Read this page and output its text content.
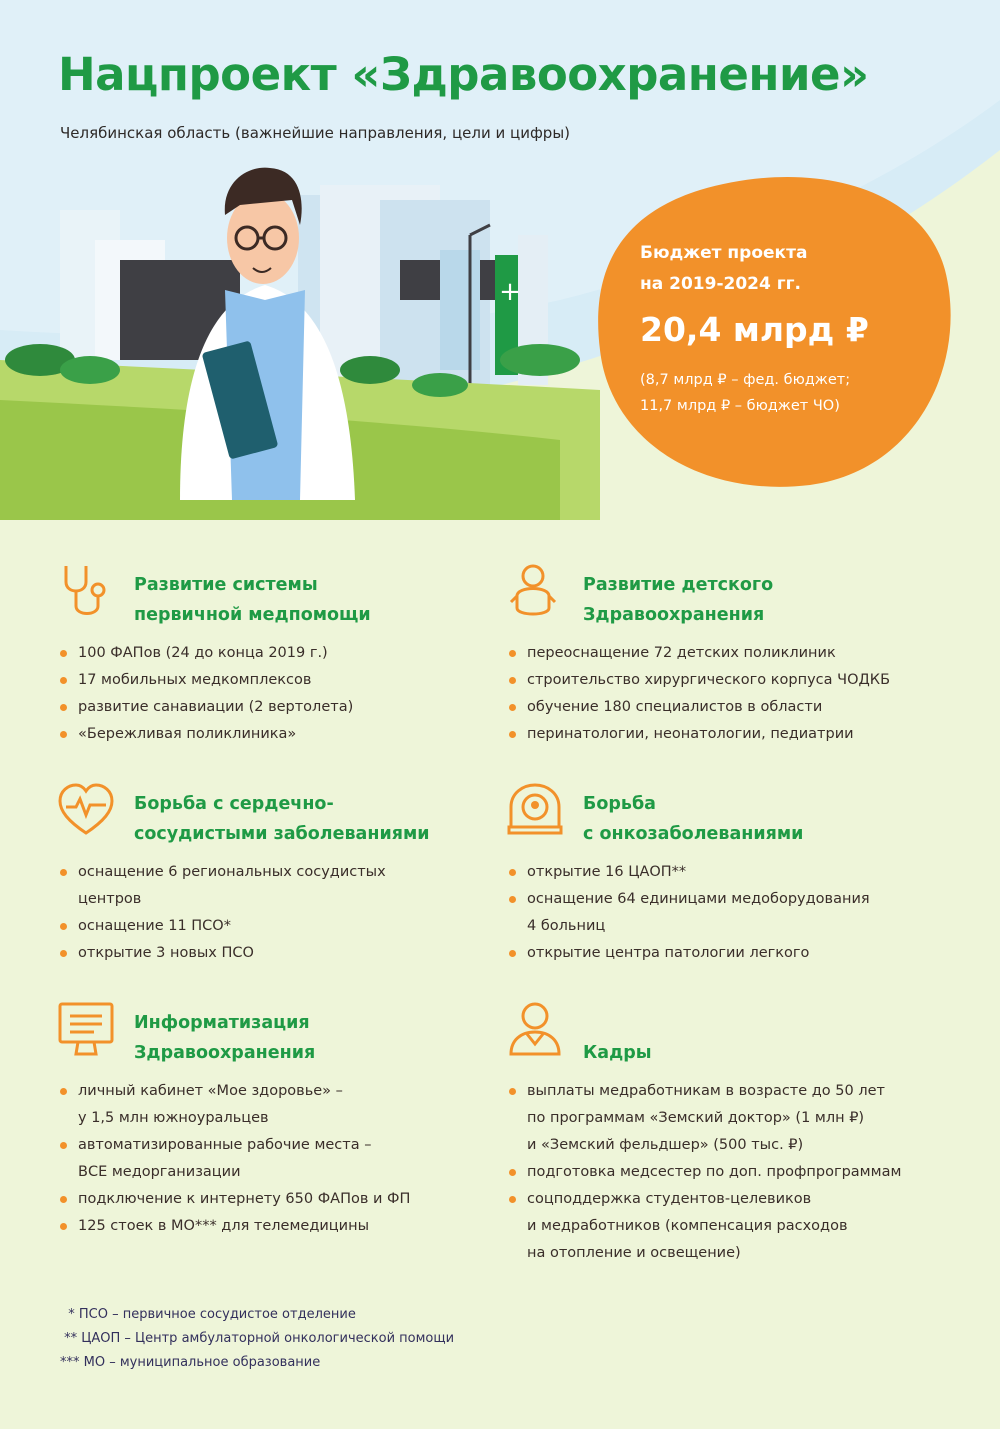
+
Нацпроект «Здравоохранение»
Челябинская область (важнейшие направления, цели и цифры)
Бюджет проекта
на 2019-2024 гг.
20,4 млрд ₽
(8,7 млрд ₽ – фед. бюджет;
11,7 млрд ₽ – бюджет ЧО)
Развитие системы
первичной медпомощи
100 ФАПов (24 до конца 2019 г.)
17 мобильных медкомплексов
развитие санавиации (2 вертолета)
«Бережливая поликлиника»
Развитие детского
Здравоохранения
переоснащение 72 детских поликлиник
строительство хирургического корпуса ЧОДКБ
обучение 180 специалистов в области
перинатологии, неонатологии, педиатрии
Борьба с сердечно-
сосудистыми заболеваниями
оснащение 6 региональных сосудистых
центров
оснащение 11 ПСО*
открытие 3 новых ПСО
Борьба
с онкозаболеваниями
открытие 16 ЦАОП**
оснащение 64 единицами медоборудования
4 больниц
открытие центра патологии легкого
Информатизация
Здравоохранения
личный кабинет «Мое здоровье» –
у 1,5 млн южноуральцев
автоматизированные рабочие места –
ВСЕ медорганизации
подключение к интернету 650 ФАПов и ФП
125 стоек в МО*** для телемедицины
Кадры
выплаты медработникам в возрасте до 50 лет
по программам «Земский доктор» (1 млн ₽)
и «Земский фельдшер» (500 тыс. ₽)
подготовка медсестер по доп. профпрограммам
соцподдержка студентов-целевиков
и медработников (компенсация расходов
на отопление и освещение)
* ПСО – первичное сосудистое отделение
** ЦАОП – Центр амбулаторной онкологической помощи
*** МО – муниципальное образование
